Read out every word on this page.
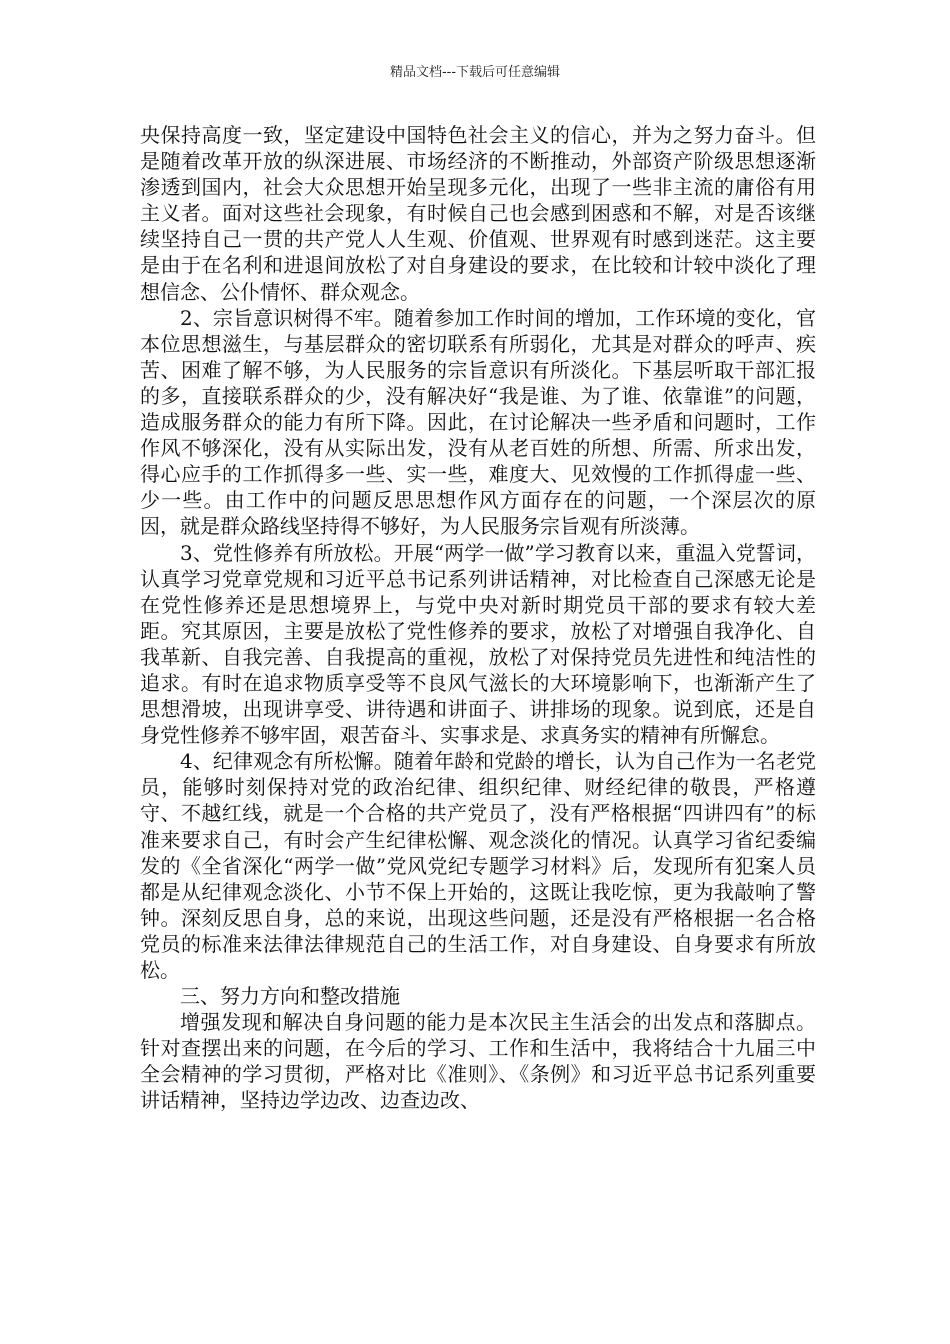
精品文档---下载后可任意编辑

央保持高度一致，坚定建设中国特色社会主义的信心，并为之努力奋斗。但是随着改革开放的纵深进展、市场经济的不断推动，外部资产阶级思想逐渐渗透到国内，社会大众思想开始呈现多元化，出现了一些非主流的庸俗有用主义者。面对这些社会现象，有时候自己也会感到困惑和不解，对是否该继续坚持自己一贯的共产党人人生观、价值观、世界观有时感到迷茫。这主要是由于在名利和进退间放松了对自身建设的要求，在比较和计较中淡化了理想信念、公仆情怀、群众观念。

2、宗旨意识树得不牢。随着参加工作时间的增加，工作环境的变化，官本位思想滋生，与基层群众的密切联系有所弱化，尤其是对群众的呼声、疾苦、困难了解不够，为人民服务的宗旨意识有所淡化。下基层听取干部汇报的多，直接联系群众的少，没有解决好“我是谁、为了谁、依靠谁”的问题，造成服务群众的能力有所下降。因此，在讨论解决一些矛盾和问题时，工作作风不够深化，没有从实际出发，没有从老百姓的所想、所需、所求出发，得心应手的工作抓得多一些、实一些，难度大、见效慢的工作抓得虚一些、少一些。由工作中的问题反思思想作风方面存在的问题，一个深层次的原因，就是群众路线坚持得不够好，为人民服务宗旨观有所淡薄。

3、党性修养有所放松。开展“两学一做”学习教育以来，重温入党誓词，认真学习党章党规和习近平总书记系列讲话精神，对比检查自己深感无论是在党性修养还是思想境界上，与党中央对新时期党员干部的要求有较大差距。究其原因，主要是放松了党性修养的要求，放松了对增强自我净化、自我革新、自我完善、自我提高的重视，放松了对保持党员先进性和纯洁性的追求。有时在追求物质享受等不良风气滋长的大环境影响下，也渐渐产生了思想滑坡，出现讲享受、讲待遇和讲面子、讲排场的现象。说到底，还是自身党性修养不够牢固，艰苦奋斗、实事求是、求真务实的精神有所懈怠。

4、纪律观念有所松懈。随着年龄和党龄的增长，认为自己作为一名老党员，能够时刻保持对党的政治纪律、组织纪律、财经纪律的敬畏，严格遵守、不越红线，就是一个合格的共产党员了，没有严格根据“四讲四有”的标准来要求自己，有时会产生纪律松懈、观念淡化的情况。认真学习省纪委编发的《全省深化“两学一做”党风党纪专题学习材料》后，发现所有犯案人员都是从纪律观念淡化、小节不保上开始的，这既让我吃惊，更为我敲响了警钟。深刻反思自身，总的来说，出现这些问题，还是没有严格根据一名合格党员的标准来法律法律规范自己的生活工作，对自身建设、自身要求有所放松。

三、努力方向和整改措施

增强发现和解决自身问题的能力是本次民主生活会的出发点和落脚点。针对查摆出来的问题，在今后的学习、工作和生活中，我将结合十九届三中全会精神的学习贯彻，严格对比《准则》、《条例》和习近平总书记系列重要讲话精神，坚持边学边改、边查边改、
